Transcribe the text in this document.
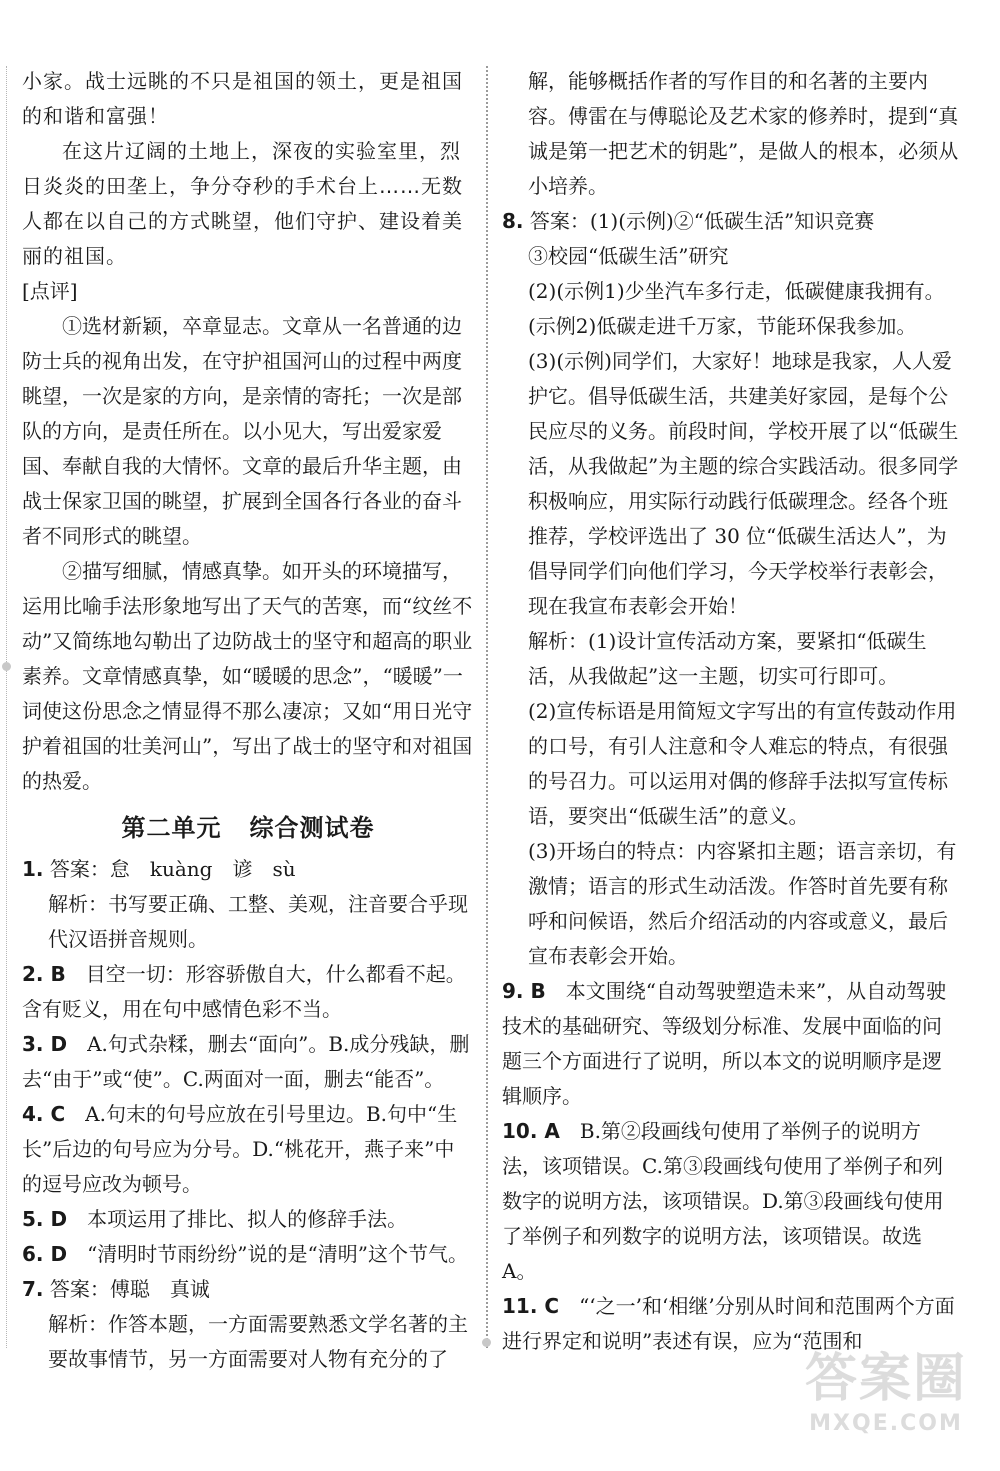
小家。战士远眺的不只是祖国的领土，更是祖国的和谐和富强！

在这片辽阔的土地上，深夜的实验室里，烈日炎炎的田垄上，争分夺秒的手术台上……无数人都在以自己的方式眺望，他们守护、建设着美丽的祖国。

[点评]

①选材新颖，卒章显志。文章从一名普通的边防士兵的视角出发，在守护祖国河山的过程中两度眺望，一次是家的方向，是亲情的寄托；一次是部队的方向，是责任所在。以小见大，写出爱家爱国、奉献自我的大情怀。文章的最后升华主题，由战士保家卫国的眺望，扩展到全国各行各业的奋斗者不同形式的眺望。

②描写细腻，情感真挚。如开头的环境描写，运用比喻手法形象地写出了天气的苦寒，而“纹丝不动”又简练地勾勒出了边防战士的坚守和超高的职业素养。文章情感真挚，如“暖暖的思念”，“暖暖”一词使这份思念之情显得不那么凄凉；又如“用日光守护着祖国的壮美河山”，写出了战士的坚守和对祖国的热爱。

第二单元 综合测试卷

1. 答案：怠　kuàng　谚　sù

解析：书写要正确、工整、美观，注音要合乎现代汉语拼音规则。

2. B　 目空一切：形容骄傲自大，什么都看不起。含有贬义，用在句中感情色彩不当。

3. D　 A.句式杂糅，删去“面向”。B.成分残缺，删去“由于”或“使”。C.两面对一面，删去“能否”。

4. C　 A.句末的句号应放在引号里边。B.句中“生长”后边的句号应为分号。D.“桃花开，燕子来”中的逗号应改为顿号。

5. D　 本项运用了排比、拟人的修辞手法。

6. D　 “清明时节雨纷纷”说的是“清明”这个节气。

7. 答案：傅聪　真诚

解析：作答本题，一方面需要熟悉文学名著的主要故事情节，另一方面需要对人物有充分的了

解，能够概括作者的写作目的和名著的主要内容。傅雷在与傅聪论及艺术家的修养时，提到“真诚是第一把艺术的钥匙”，是做人的根本，必须从小培养。

8. 答案：(1)(示例)②“低碳生活”知识竞赛

③校园“低碳生活”研究

(2)(示例1)少坐汽车多行走，低碳健康我拥有。

(示例2)低碳走进千万家，节能环保我参加。

(3)(示例)同学们，大家好！地球是我家，人人爱护它。倡导低碳生活，共建美好家园，是每个公民应尽的义务。前段时间，学校开展了以“低碳生活，从我做起”为主题的综合实践活动。很多同学积极响应，用实际行动践行低碳理念。经各个班推荐，学校评选出了 30 位“低碳生活达人”，为倡导同学们向他们学习，今天学校举行表彰会，现在我宣布表彰会开始！

解析：(1)设计宣传活动方案，要紧扣“低碳生活，从我做起”这一主题，切实可行即可。

(2)宣传标语是用简短文字写出的有宣传鼓动作用的口号，有引人注意和令人难忘的特点，有很强的号召力。可以运用对偶的修辞手法拟写宣传标语，要突出“低碳生活”的意义。

(3)开场白的特点：内容紧扣主题；语言亲切，有激情；语言的形式生动活泼。作答时首先要有称呼和问候语，然后介绍活动的内容或意义，最后宣布表彰会开始。

9. B　 本文围绕“自动驾驶塑造未来”，从自动驾驶技术的基础研究、等级划分标准、发展中面临的问题三个方面进行了说明，所以本文的说明顺序是逻辑顺序。

10. A　 B.第②段画线句使用了举例子的说明方法，该项错误。C.第③段画线句使用了举例子和列数字的说明方法，该项错误。D.第③段画线句使用了举例子和列数字的说明方法，该项错误。故选 A。

11. C　 “‘之一’和‘相继’分别从时间和范围两个方面进行界定和说明”表述有误，应为“范围和

答案圈
MXQE.COM
